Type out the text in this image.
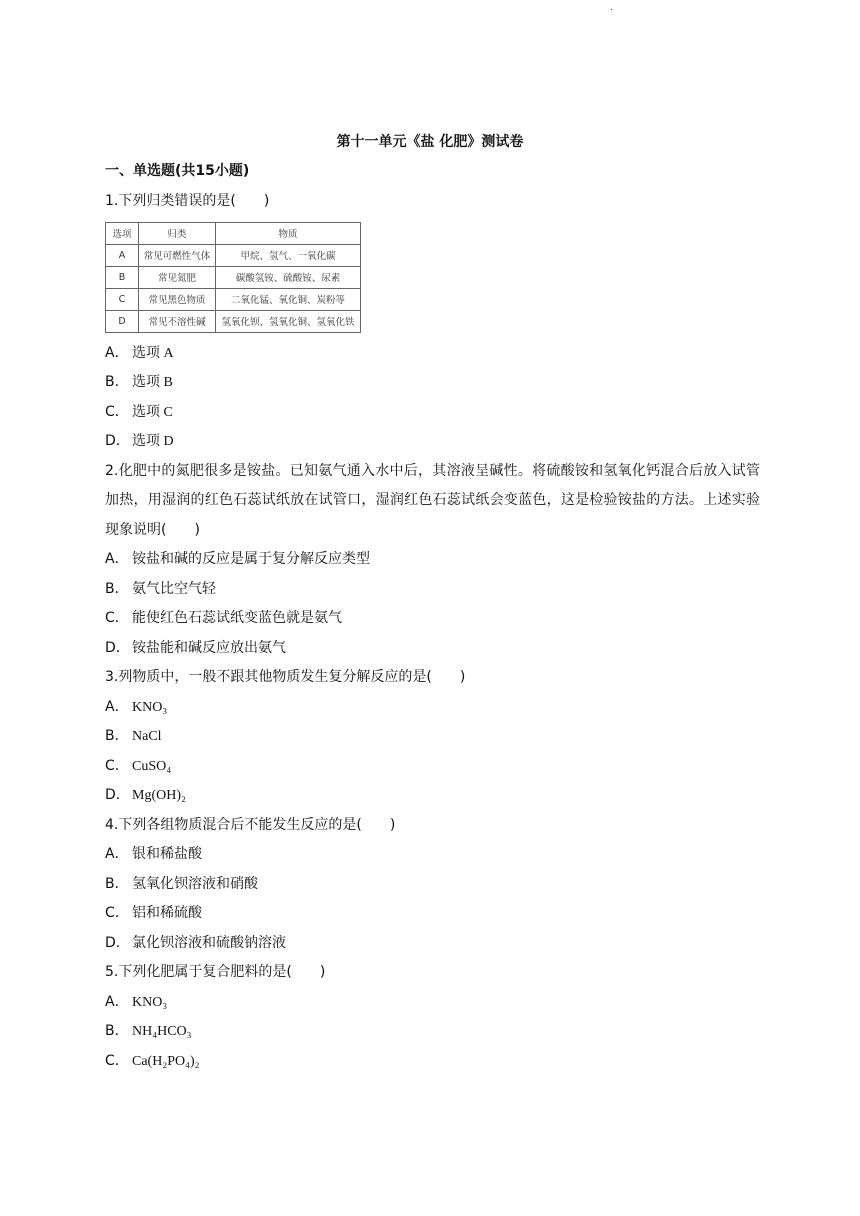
.
第十一单元《盐 化肥》测试卷
一、单选题(共15小题)
1.下列归类错误的是(　　)
选项	归类	物质
A	常见可燃性气体	甲烷、氢气、一氧化碳
B	常见氮肥	碳酸氢铵、硫酸铵、尿素
C	常见黑色物质	二氧化锰、氧化铜、炭粉等
D	常见不溶性碱	氢氧化钡、氢氧化铜、氢氧化铁
A． 选项 A
B． 选项 B
C． 选项 C
D． 选项 D
2.化肥中的氮肥很多是铵盐。已知氨气通入水中后，其溶液呈碱性。将硫酸铵和氢氧化钙混合后放入试管加热，用湿润的红色石蕊试纸放在试管口，湿润红色石蕊试纸会变蓝色，这是检验铵盐的方法。上述实验现象说明(　　)
A． 铵盐和碱的反应是属于复分解反应类型
B． 氨气比空气轻
C． 能使红色石蕊试纸变蓝色就是氨气
D． 铵盐能和碱反应放出氨气
3.列物质中，一般不跟其他物质发生复分解反应的是(　　)
A． KNO₃
B． NaCl
C． CuSO₄
D． Mg(OH)₂
4.下列各组物质混合后不能发生反应的是(　　)
A． 银和稀盐酸
B． 氢氧化钡溶液和硝酸
C． 铝和稀硫酸
D． 氯化钡溶液和硫酸钠溶液
5.下列化肥属于复合肥料的是(　　)
A． KNO₃
B． NH₄HCO₃
C． Ca(H₂PO₄)₂
